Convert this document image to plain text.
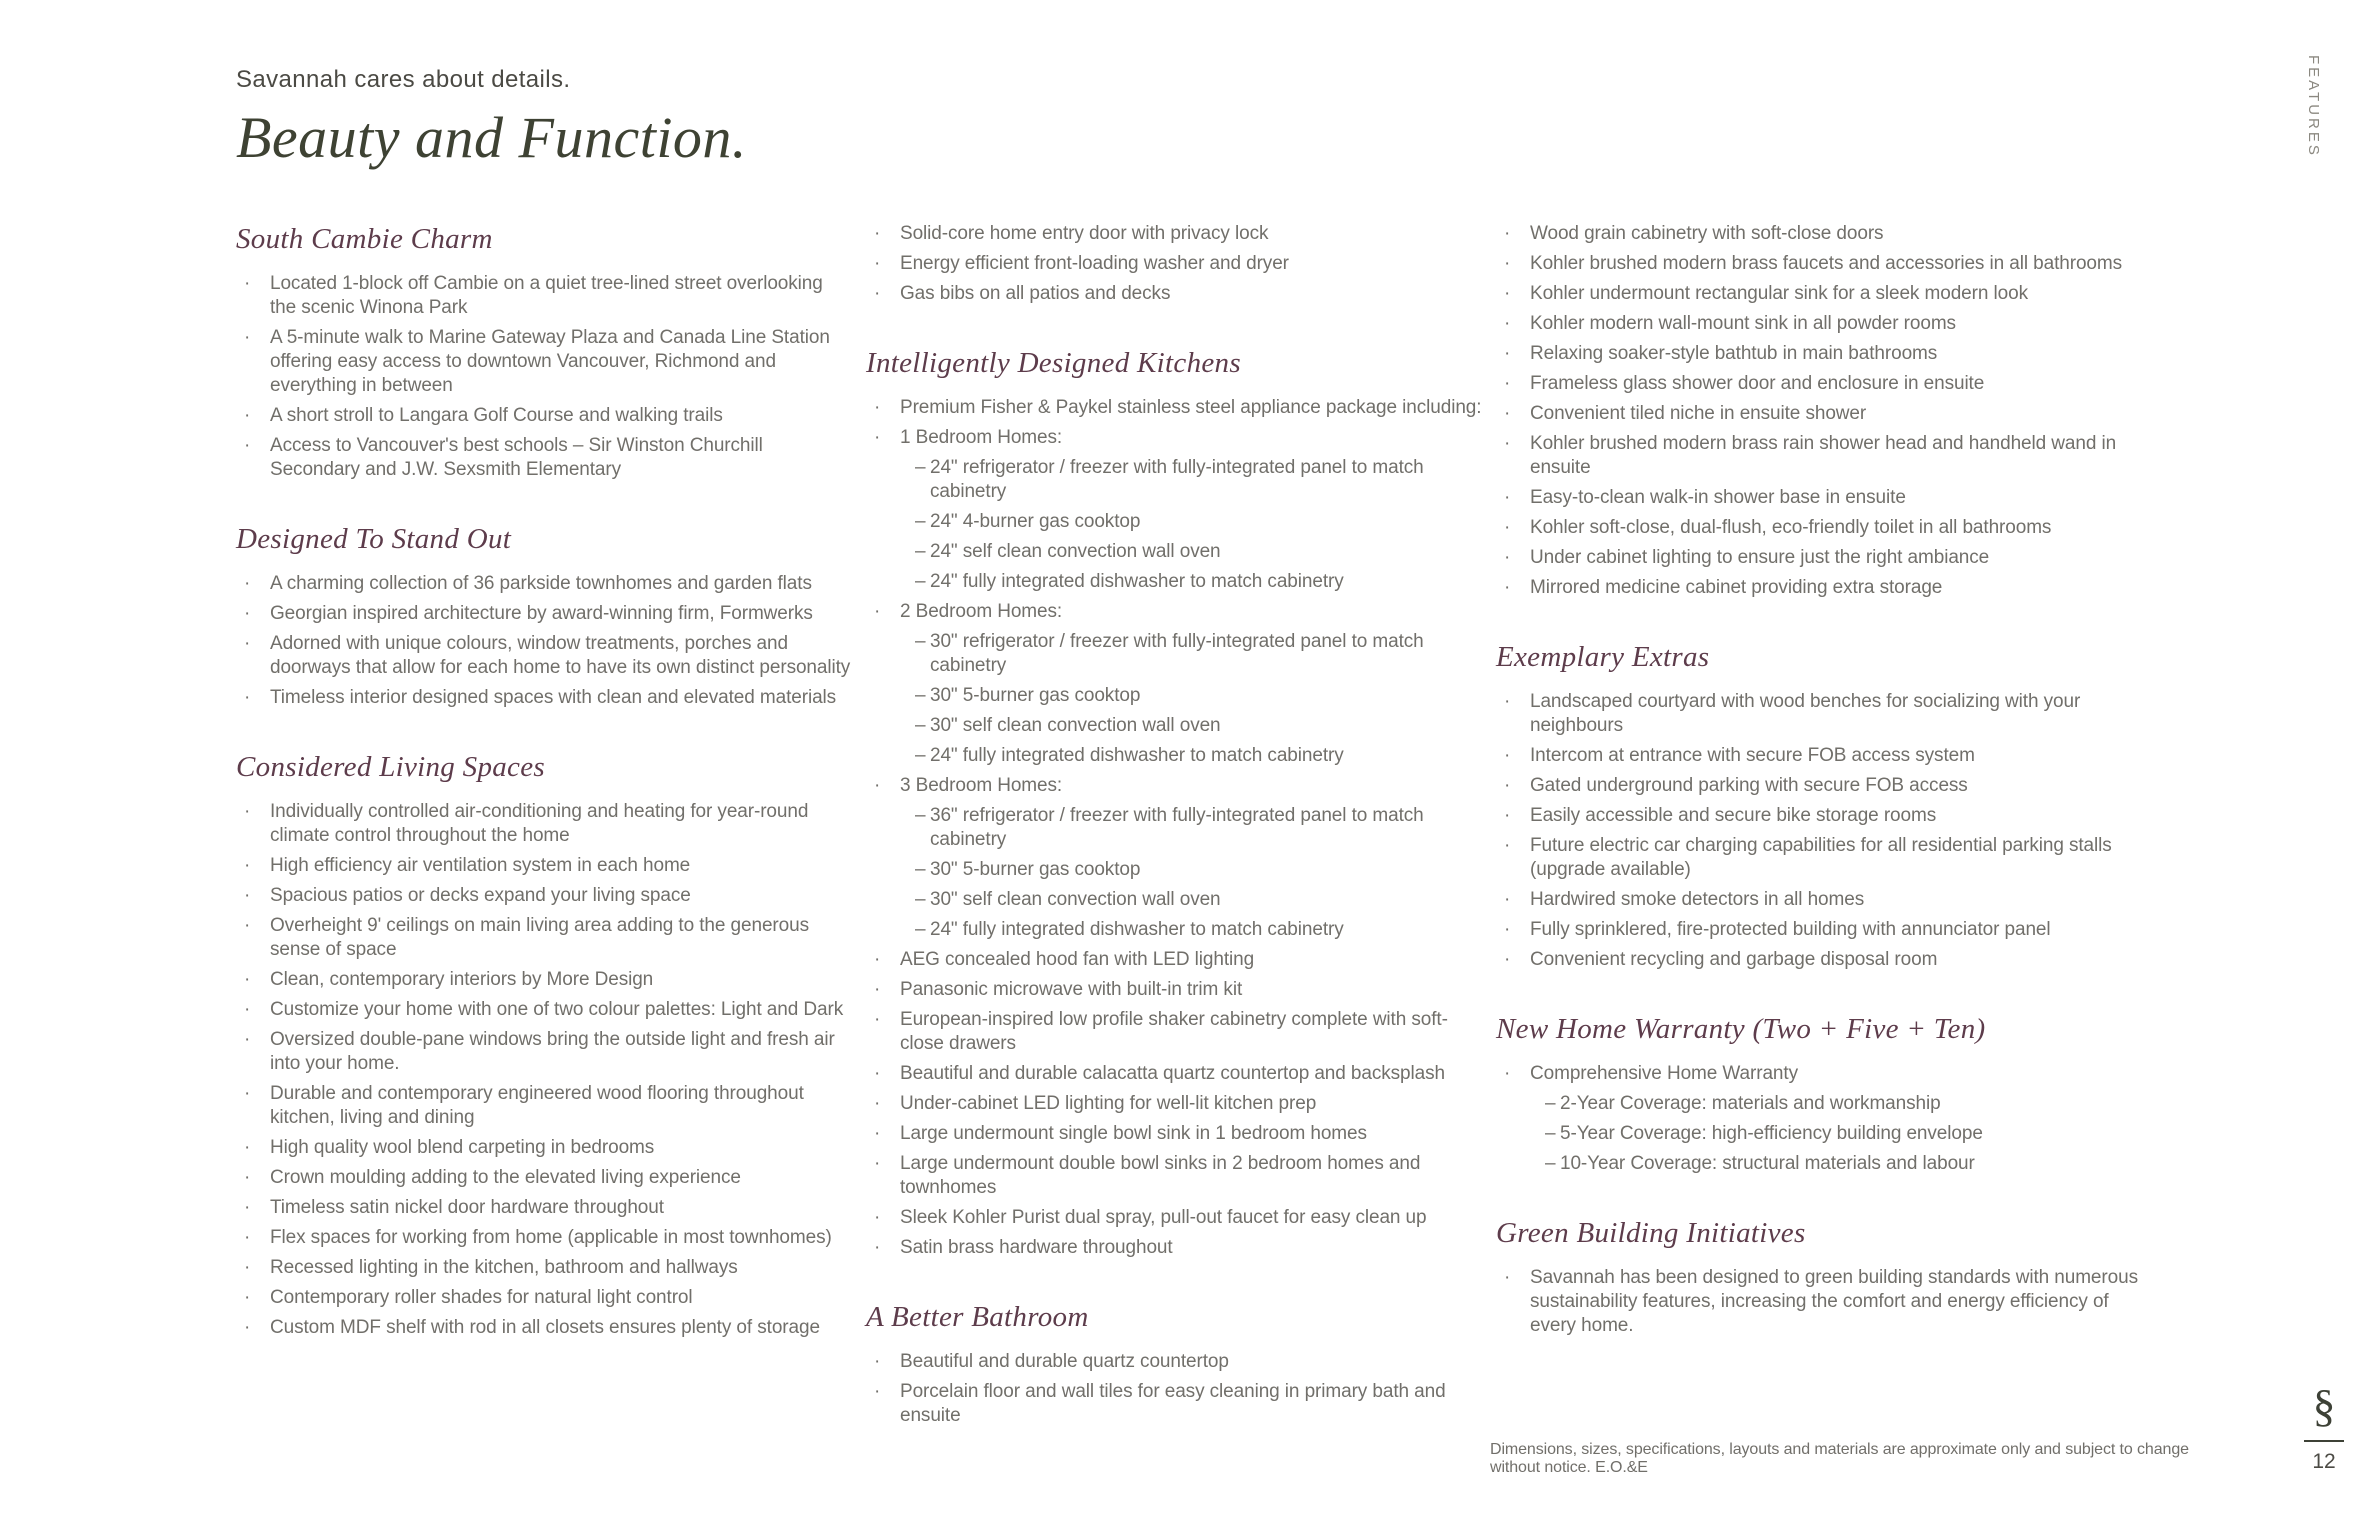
Savannah cares about details.

Beauty and Function.
South Cambie Charm
·	Located 1-block off Cambie on a quiet tree-lined street overlooking the scenic Winona Park
·	A 5-minute walk to Marine Gateway Plaza and Canada Line Station offering easy access to downtown Vancouver, Richmond and everything in between
·	A short stroll to Langara Golf Course and walking trails
·	Access to Vancouver's best schools – Sir Winston Churchill Secondary and J.W. Sexsmith Elementary
Designed To Stand Out
·	A charming collection of 36 parkside townhomes and garden flats
·	Georgian inspired architecture by award-winning firm, Formwerks
·	Adorned with unique colours, window treatments, porches and doorways that allow for each home to have its own distinct personality
·	Timeless interior designed spaces with clean and elevated materials
Considered Living Spaces
·	Individually controlled air-conditioning and heating for year-round climate control throughout the home
·	High efficiency air ventilation system in each home
·	Spacious patios or decks expand your living space
·	Overheight 9' ceilings on main living area adding to the generous sense of space
·	Clean, contemporary interiors by More Design
·	Customize your home with one of two colour palettes: Light and Dark
·	Oversized double-pane windows bring the outside light and fresh air into your home.
·	Durable and contemporary engineered wood flooring throughout kitchen, living and dining
·	High quality wool blend carpeting in bedrooms
·	Crown moulding adding to the elevated living experience
·	Timeless satin nickel door hardware throughout
·	Flex spaces for working from home (applicable in most townhomes)
·	Recessed lighting in the kitchen, bathroom and hallways
·	Contemporary roller shades for natural light control
·	Custom MDF shelf with rod in all closets ensures plenty of storage
·	Solid-core home entry door with privacy lock
·	Energy efficient front-loading washer and dryer
·	Gas bibs on all patios and decks
Intelligently Designed Kitchens
·	Premium Fisher & Paykel stainless steel appliance package including:
·	1 Bedroom Homes:
– 24" refrigerator / freezer with fully-integrated panel to match cabinetry
– 24" 4-burner gas cooktop
– 24" self clean convection wall oven
– 24" fully integrated dishwasher to match cabinetry
·	2 Bedroom Homes:
– 30" refrigerator / freezer with fully-integrated panel to match cabinetry
– 30" 5-burner gas cooktop
– 30" self clean convection wall oven
– 24" fully integrated dishwasher to match cabinetry
·	3 Bedroom Homes:
– 36" refrigerator / freezer with fully-integrated panel to match cabinetry
– 30" 5-burner gas cooktop
– 30" self clean convection wall oven
– 24" fully integrated dishwasher to match cabinetry
·	AEG concealed hood fan with LED lighting
·	Panasonic microwave with built-in trim kit
·	European-inspired low profile shaker cabinetry complete with soft-close drawers
·	Beautiful and durable calacatta quartz countertop and backsplash
·	Under-cabinet LED lighting for well-lit kitchen prep
·	Large undermount single bowl sink in 1 bedroom homes
·	Large undermount double bowl sinks in 2 bedroom homes and townhomes
·	Sleek Kohler Purist dual spray, pull-out faucet for easy clean up
·	Satin brass hardware throughout
A Better Bathroom
·	Beautiful and durable quartz countertop
·	Porcelain floor and wall tiles for easy cleaning in primary bath and ensuite
·	Wood grain cabinetry with soft-close doors
·	Kohler brushed modern brass faucets and accessories in all bathrooms
·	Kohler undermount rectangular sink for a sleek modern look
·	Kohler modern wall-mount sink in all powder rooms
·	Relaxing soaker-style bathtub in main bathrooms
·	Frameless glass shower door and enclosure in ensuite
·	Convenient tiled niche in ensuite shower
·	Kohler brushed modern brass rain shower head and handheld wand in ensuite
·	Easy-to-clean walk-in shower base in ensuite
·	Kohler soft-close, dual-flush, eco-friendly toilet in all bathrooms
·	Under cabinet lighting to ensure just the right ambiance
·	Mirrored medicine cabinet providing extra storage
Exemplary Extras
·	Landscaped courtyard with wood benches for socializing with your neighbours
·	Intercom at entrance with secure FOB access system
·	Gated underground parking with secure FOB access
·	Easily accessible and secure bike storage rooms
·	Future electric car charging capabilities for all residential parking stalls (upgrade available)
·	Hardwired smoke detectors in all homes
·	Fully sprinklered, fire-protected building with annunciator panel
·	Convenient recycling and garbage disposal room
New Home Warranty (Two + Five + Ten)
·	Comprehensive Home Warranty
– 2-Year Coverage: materials and workmanship
– 5-Year Coverage: high-efficiency building envelope
– 10-Year Coverage: structural materials and labour
Green Building Initiatives
·	Savannah has been designed to green building standards with numerous sustainability features, increasing the comfort and energy efficiency of every home.
FEATURES
Dimensions, sizes, specifications, layouts and materials are approximate only and subject to change without notice. E.O.&E
§
12
